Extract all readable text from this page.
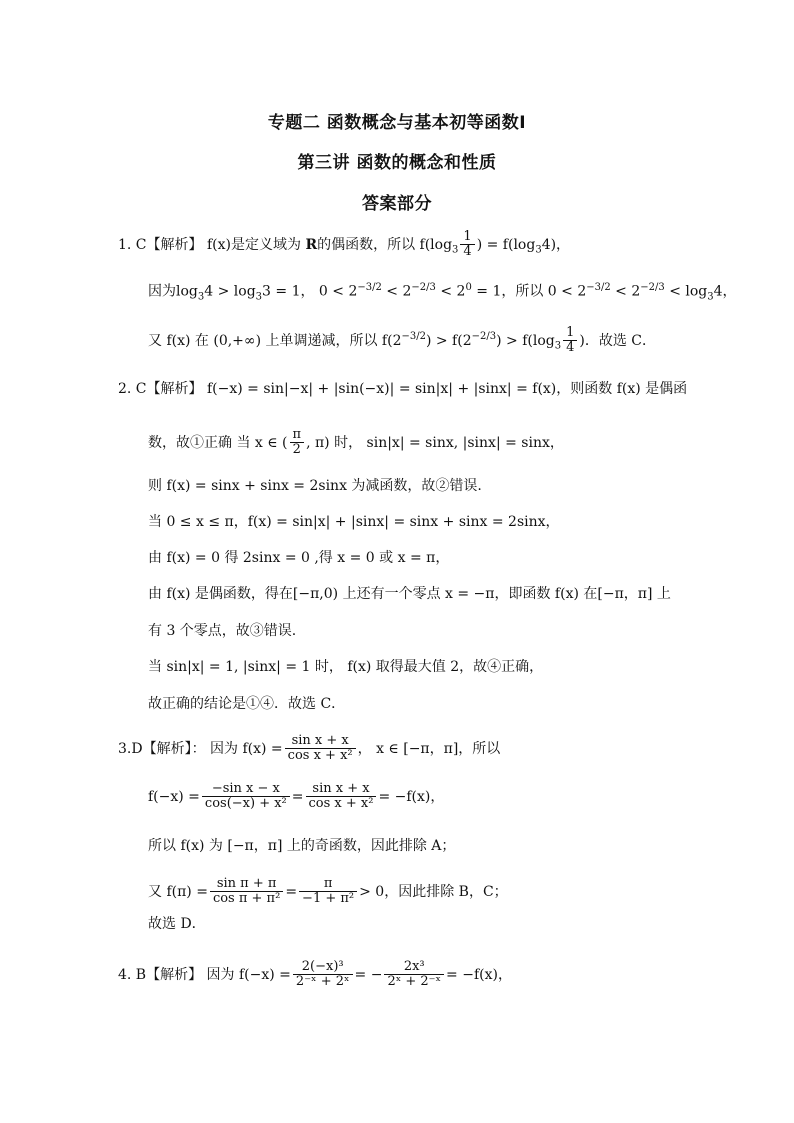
专题二 函数概念与基本初等函数Ⅰ
第三讲 函数的概念和性质
答案部分
1. C【解析】 f(x)是定义域为 R的偶函数，所以 $f(\log_3 \frac{1}{4}$ ) = $f(\log_34)$，
因为$\log_34 > \log_33 = 1$， $0 < 2^{-3/2} < 2^{-2/3} < 2^0 = 1$，所以 $0 < 2^{-3/2} < 2^{-2/3} < \log_34$，
又 f(x) 在 (0,+∞) 上单调递减，所以 $f(2^{-3/2}) > f(2^{-2/3}) > f(\log_3 \frac{1}{4}$ )．故选 C．
2. C【解析】 f(−x) = sin|−x| + |sin(−x)| = sin|x| + |sinx| = f(x)，则函数 f(x) 是偶函
数，故①正确 当 x ∈ ( $\frac{\pi}{2}$ , π) 时， sin|x| = sinx, |sinx| = sinx，
则 f(x) = sinx + sinx = 2sinx 为减函数，故②错误.
当 0 ≤ x ≤ π，f(x) = sin|x| + |sinx| = sinx + sinx = 2sinx，
由 f(x) = 0 得 2sinx = 0 ,得 x = 0 或 x = π，
由 f(x) 是偶函数，得在[−π,0) 上还有一个零点 x = −π，即函数 f(x) 在[−π，π] 上
有 3 个零点，故③错误.
当 sin|x| = 1, |sinx| = 1 时， f(x) 取得最大值 2，故④正确，
故正确的结论是①④．故选 C．
3.D【解析】： 因为 $f(x) = \frac{\text{sin x + x}}{\text{cos x + x²}}$ ， x ∈ [−π，π]，所以
$f(-x) = \frac{\text{−sin x − x}}{\text{cos(−x) + x²}} = \frac{\text{sin x + x}}{\text{cos x + x²}} = -f(x)$，
所以 f(x) 为 [−π，π] 上的奇函数，因此排除 A；
又 $f(\pi) = \frac{\text{sin π + π}}{\text{cos π + π²}} = \frac{\pi}{\text{−1 + π²}} > 0$，因此排除 B，C；
故选 D．
4. B【解析】 因为 $f(-x) = \frac{\text{2(−x)³}}{\text{2⁻ˣ + 2ˣ}}$ = − $\frac{\text{2x³}}{\text{2ˣ + 2⁻ˣ}} = -f(x)$，
